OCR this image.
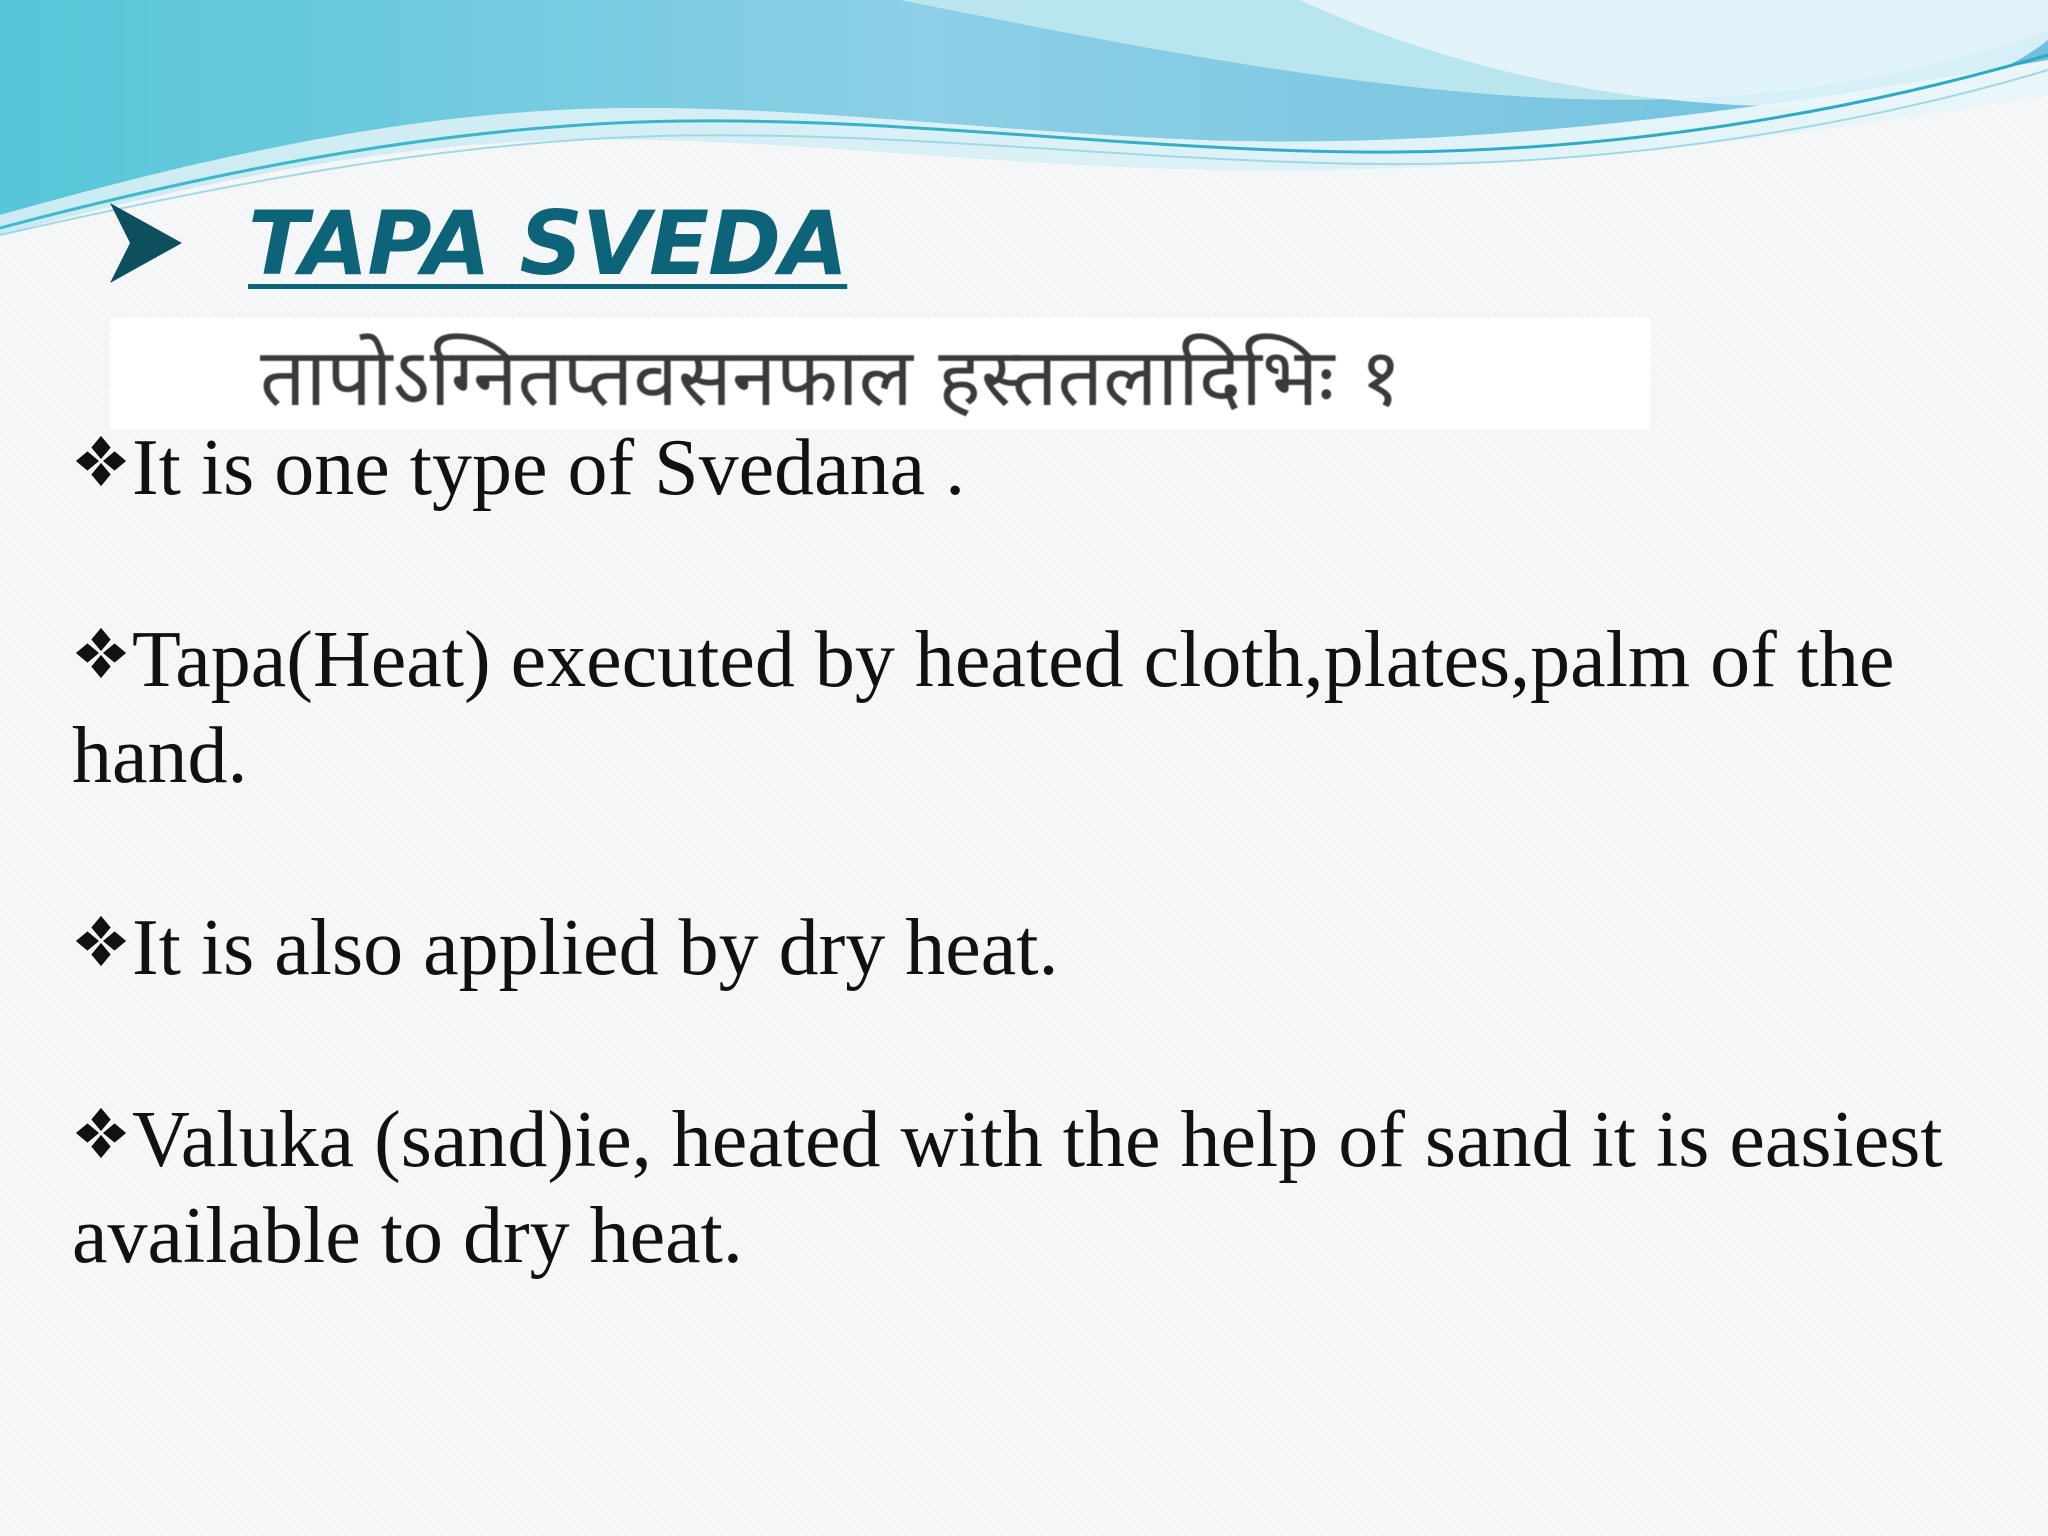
TAPA SVEDA
तापोऽग्नितप्तवसनफाल हस्ततलादिभिः १
It is one type of Svedana .
Tapa(Heat) executed by heated cloth,plates,palm of the hand.
It is also applied by dry heat.
Valuka (sand)ie, heated with the help of sand it is easiest available to dry heat.
